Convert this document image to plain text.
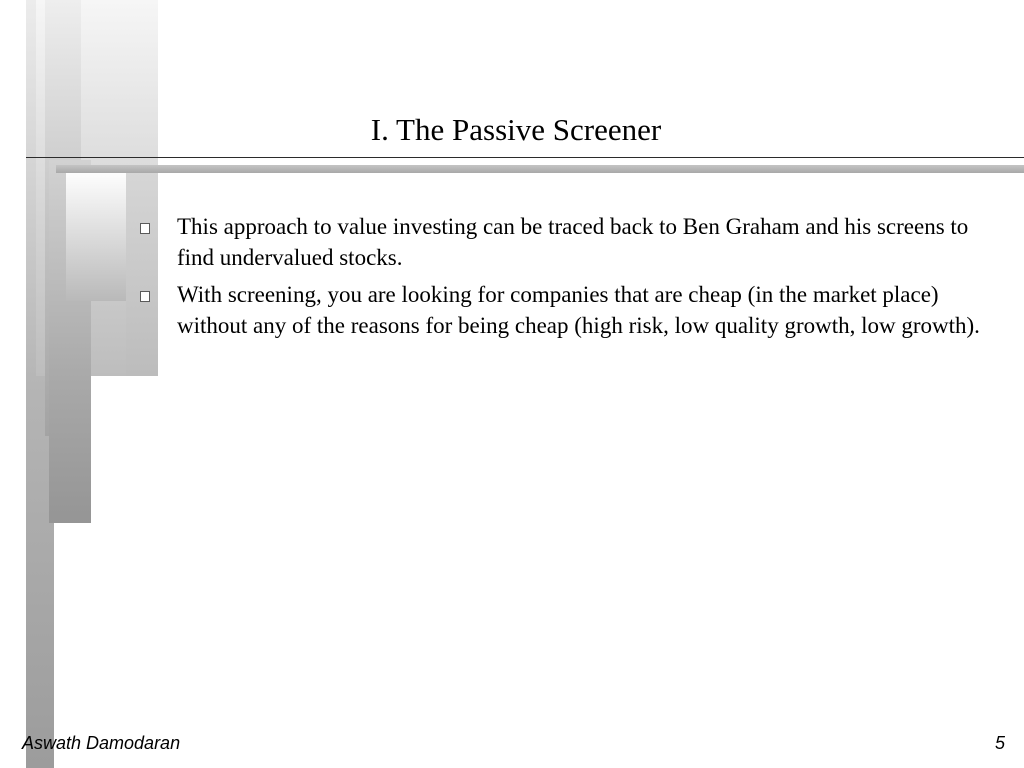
I. The Passive Screener
This approach to value investing can be traced back to Ben Graham and his screens to find undervalued stocks.
With screening, you are looking for companies that are cheap (in the market place) without any of the reasons for being cheap (high risk, low quality growth, low growth).
Aswath Damodaran	5
